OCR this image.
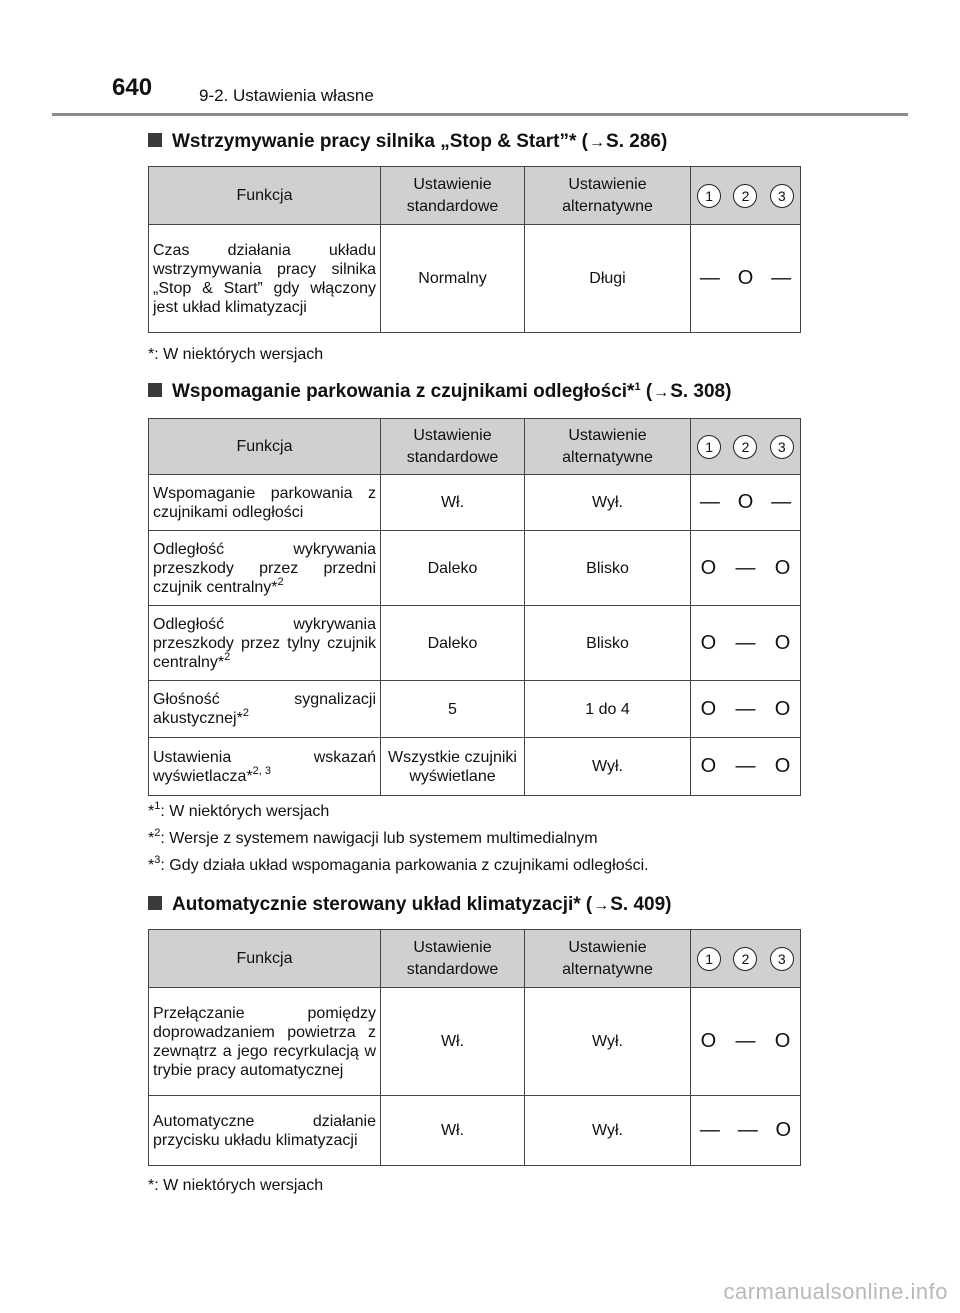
640	9-2. Ustawienia własne
Wstrzymywanie pracy silnika „Stop & Start”* (→S. 286)
Funkcja	Ustawienie standardowe	Ustawienie alternatywne	1 2 3

Czas działania układu wstrzymywania pracy silnika „Stop & Start” gdy włączony jest układ klimatyzacji	Normalny	Długi	— O —
*: W niektórych wersjach
Wspomaganie parkowania z czujnikami odległości*$^1$ (→S. 308)
Funkcja	Ustawienie standardowe	Ustawienie alternatywne	1 2 3

Wspomaganie parkowania z czujnikami odległości	Wł.	Wył.	— O —

Odległość wykrywania przeszkody przez przedni czujnik centralny*$^2$	Daleko	Blisko	O — O

Odległość wykrywania przeszkody przez tylny czujnik centralny*$^2$	Daleko	Blisko	O — O

Głośność sygnalizacji akustycznej*$^2$	5	1 do 4	O — O

Ustawienia wskazań wyświetlacza*$^{2, 3}$	Wszystkie czujniki wyświetlane	Wył.	O — O
*$^1$: W niektórych wersjach
*$^2$: Wersje z systemem nawigacji lub systemem multimedialnym
*$^3$: Gdy działa układ wspomagania parkowania z czujnikami odległości.
Automatycznie sterowany układ klimatyzacji* (→S. 409)
Funkcja	Ustawienie standardowe	Ustawienie alternatywne	1 2 3

Przełączanie pomiędzy doprowadzaniem powietrza z zewnątrz a jego recyrkulacją w trybie pracy automatycznej	Wł.	Wył.	O — O

Automatyczne działanie przycisku układu klimatyzacji	Wł.	Wył.	— — O
*: W niektórych wersjach
carmanualsonline.info
